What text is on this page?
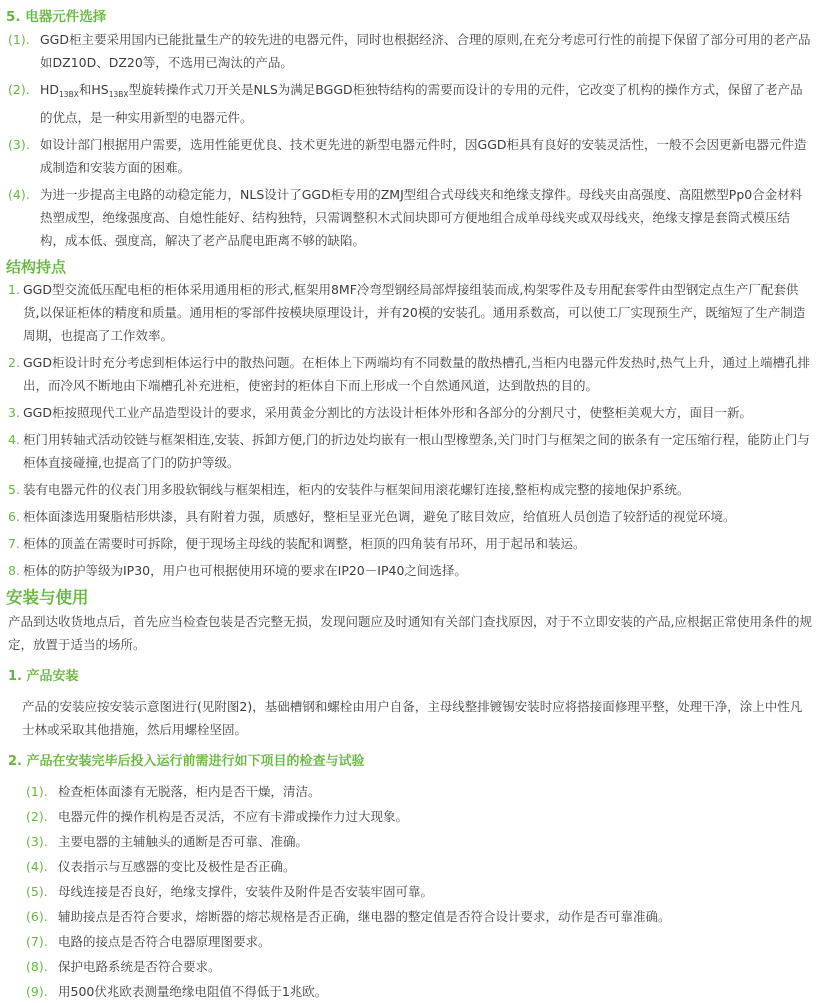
5. 电器元件选择
(1). GGD柜主要采用国内已能批量生产的较先进的电器元件，同时也根据经济、合理的原则,在充分考虑可行性的前提下保留了部分可用的老产品如DZ10D、DZ20等，不选用已淘汰的产品。
(2). $HD_{13BX}$和$HS_{13BX}$型旋转操作式刀开关是NLS为满足BGGD柜独特结构的需要而设计的专用的元件，它改变了机构的操作方式，保留了老产品的优点，是一种实用新型的电器元件。
(3). 如设计部门根据用户需要，选用性能更优良、技术更先进的新型电器元件时，因GGD柜具有良好的安装灵活性，一般不会因更新电器元件造成制造和安装方面的困难。
(4). 为进一步提高主电路的动稳定能力，NLS设计了GGD柜专用的ZMJ型组合式母线夹和绝缘支撑件。母线夹由高强度、高阻燃型Pp0合金材料热塑成型，绝缘强度高、自熄性能好、结构独特，只需调整积木式间块即可方便地组合成单母线夹或双母线夹，绝缘支撑是套筒式模压结构，成本低、强度高，解决了老产品爬电距离不够的缺陷。
结构持点
1. GGD型交流低压配电柜的柜体采用通用柜的形式,框架用8MF冷弯型钢经局部焊接组装而成,构架零件及专用配套零件由型钢定点生产厂配套供货,以保证柜体的精度和质量。通用柜的零部件按模块原理设计，并有20模的安装孔。通用系数高，可以使工厂实现预生产，既缩短了生产制造周期，也提高了工作效率。
2. GGD柜设计时充分考虑到柜体运行中的散热问题。在柜体上下两端均有不同数量的散热槽孔,当柜内电器元件发热时,热气上升，通过上端槽孔排出，而冷风不断地由下端槽孔补充进柜，使密封的柜体自下而上形成一个自然通风道，达到散热的目的。
3. GGD柜按照现代工业产品造型设计的要求，采用黄金分割比的方法设计柜体外形和各部分的分割尺寸，使整柜美观大方，面目一新。
4. 柜门用转轴式活动铰链与框架相连,安装、拆卸方便,门的折边处均嵌有一根山型橡塑条,关门时门与框架之间的嵌条有一定压缩行程，能防止门与柜体直接碰撞,也提高了门的防护等级。
5. 装有电器元件的仪表门用多股软铜线与框架相连，柜内的安装件与框架间用滚花螺钉连接,整柜构成完整的接地保护系统。
6. 柜体面漆选用聚脂桔形烘漆，具有附着力强，质感好，整柜呈亚光色调，避免了眩目效应，给值班人员创造了较舒适的视觉环境。
7. 柜体的顶盖在需要时可拆除，便于现场主母线的装配和调整，柜顶的四角装有吊环，用于起吊和装运。
8. 柜体的防护等级为IP30，用户也可根据使用环境的要求在IP20－IP40之间选择。
安装与使用

产品到达收货地点后，首先应当检查包装是否完整无损，发现问题应及时通知有关部门查找原因，对于不立即安装的产品,应根据正常使用条件的规定，放置于适当的场所。

1. 产品安装

产品的安装应按安装示意图进行(见附图2)，基础槽钢和螺栓由用户自备，主母线整排镀锡安装时应将搭接面修理平整，处理干净，涂上中性凡士林或采取其他措施，然后用螺栓坚固。

2. 产品在安装完毕后投入运行前需进行如下项目的检查与试验
(1). 检查柜体面漆有无脱落，柜内是否干燥，清洁。
(2). 电器元件的操作机构是否灵活，不应有卡滞或操作力过大现象。
(3). 主要电器的主辅触头的通断是否可靠、准确。
(4). 仪表指示与互感器的变比及极性是否正确。
(5). 母线连接是否良好，绝缘支撑件，安装件及附件是否安装牢固可靠。
(6). 辅助接点是否符合要求，熔断器的熔芯规格是否正确，继电器的整定值是否符合设计要求，动作是否可靠准确。
(7). 电路的接点是否符合电器原理图要求。
(8). 保护电路系统是否符合要求。
(9). 用500伏兆欧表测量绝缘电阻值不得低于1兆欧。
